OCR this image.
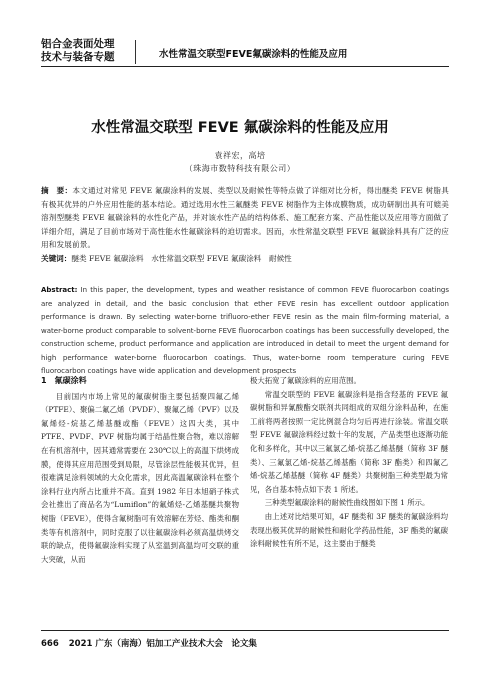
铝合金表面处理
技术与装备专题	水性常温交联型FEVE氟碳涂料的性能及应用
水性常温交联型 FEVE 氟碳涂料的性能及应用
袁祥宏，高培
（珠海市数特科技有限公司）
摘　要：本文通过对常见 FEVE 氟碳涂料的发展、类型以及耐候性等特点做了详细对比分析，得出醚类 FEVE 树脂具有极其优异的户外应用性能的基本结论。通过选用水性三氟醚类 FEVE 树脂作为主体成膜物质，成功研制出具有可媲美溶剂型醚类 FEVE 氟碳涂料的水性化产品，并对该水性产品的结构体系、施工配套方案、产品性能以及应用等方面做了详细介绍，满足了目前市场对于高性能水性氟碳涂料的迫切需求。因而，水性常温交联型 FEVE 氟碳涂料具有广泛的应用和发展前景。
关键词：醚类 FEVE 氟碳涂料　水性常温交联型 FEVE 氟碳涂料　耐候性
Abstract: In this paper, the development, types and weather resistance of common FEVE fluorocarbon coatings are analyzed in detail, and the basic conclusion that ether FEVE resin has excellent outdoor application performance is drawn. By selecting water-borne trifluoro-ether FEVE resin as the main film-forming material, a water-borne product comparable to solvent-borne FEVE fluorocarbon coatings has been successfully developed, the construction scheme, product performance and application are introduced in detail to meet the urgent demand for high performance water-borne fluorocarbon coatings. Thus, water-borne room temperature curing FEVE fluorocarbon coatings have wide application and development prospects
1　氟碳涂料

目前国内市场上常见的氟碳树脂主要包括聚四氟乙烯（PTFE）、聚偏二氟乙烯（PVDF）、聚氟乙烯（PVF）以及氟烯烃-烷基乙烯基醚或酯（FEVE）这四大类，其中PTFE、PVDF、PVF 树脂均属于结晶性聚合物，难以溶解在有机溶剂中，因其通常需要在 230℃以上的高温下烘烤成膜，使得其应用范围受到局限，尽管涂层性能极其优异，但很难满足涂料领域的大众化需求，因此高温氟碳涂料在整个涂料行业内所占比重并不高。直到 1982 年日本旭硝子株式会社推出了商品名为“Lumiflon”的氟烯烃-乙烯基醚共聚物树脂（FEVE），使得含氟树脂可有效溶解在芳烃、酯类和酮类等有机溶剂中，同时克服了以往氟碳涂料必须高温烘烤交联的缺点，使得氟碳涂料实现了从室温到高温均可交联的重大突破，从而

极大拓宽了氟碳涂料的应用范围。

常温交联型的 FEVE 氟碳涂料是指含羟基的 FEVE 氟碳树脂和异氰酸酯交联剂共同组成的双组分涂料品种，在施工前将两者按照一定比例混合均匀后再进行涂装。常温交联型 FEVE 氟碳涂料经过数十年的发展，产品类型也逐渐功能化和多样化，其中以三氟氯乙烯-烷基乙烯基醚（简称 3F 醚类）、三氟氯乙烯-烷基乙烯基酯（简称 3F 酯类）和四氟乙烯-烷基乙烯基醚（简称 4F 醚类）共聚树脂三种类型最为常见，各自基本特点如下表 1 所述。

三种类型氟碳涂料的耐候性曲线图如下图 1 所示。

由上述对比结果可知，4F 醚类和 3F 醚类的氟碳涂料均表现出极其优异的耐候性和耐化学药品性能，3F 酯类的氟碳涂料耐候性有所不足，这主要由于醚类

666 2021 广东（南海）铝加工产业技术大会　论文集
